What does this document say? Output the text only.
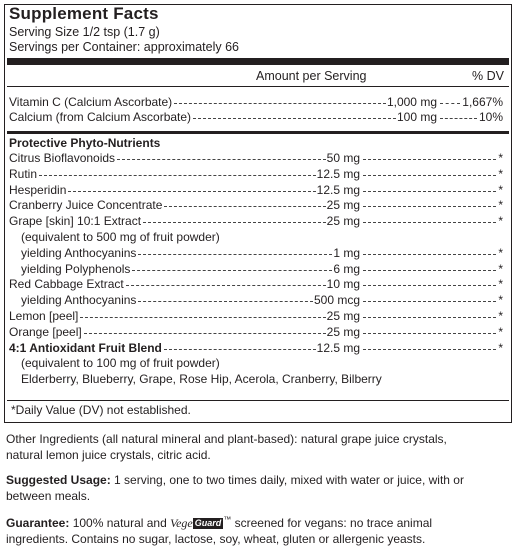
Supplement Facts
Serving Size 1/2 tsp (1.7 g)
Servings per Container: approximately 66
Amount per Serving	% DV
Vitamin C (Calcium Ascorbate)	1,000 mg 1,667%
Calcium (from Calcium Ascorbate)	100 mg	10%
Protective Phyto-Nutrients
Citrus Bioflavonoids	50 mg	*
Rutin	12.5 mg	*
Hesperidin	12.5 mg	*
Cranberry Juice Concentrate	25 mg	*
Grape [skin] 10:1 Extract	25 mg	*
(equivalent to 500 mg of fruit powder)
yielding Anthocyanins	1 mg	*
yielding Polyphenols	6 mg	*
Red Cabbage Extract	10 mg	*
yielding Anthocyanins	500 mcg	*
Lemon [peel]	25 mg	*
Orange [peel]	25 mg	*
4:1 Antioxidant Fruit Blend	12.5 mg	*
(equivalent to 100 mg of fruit powder)
Elderberry, Blueberry, Grape, Rose Hip, Acerola, Cranberry, Bilberry
*Daily Value (DV) not established.
Other Ingredients (all natural mineral and plant-based): natural grape juice crystals,
natural lemon juice crystals, citric acid.
Suggested Usage: 1 serving, one to two times daily, mixed with water or juice, with or
between meals.
Guarantee: 100% natural and Vege Guard ™ screened for vegans: no trace animal
ingredients. Contains no sugar, lactose, soy, wheat, gluten or allergenic yeasts.
